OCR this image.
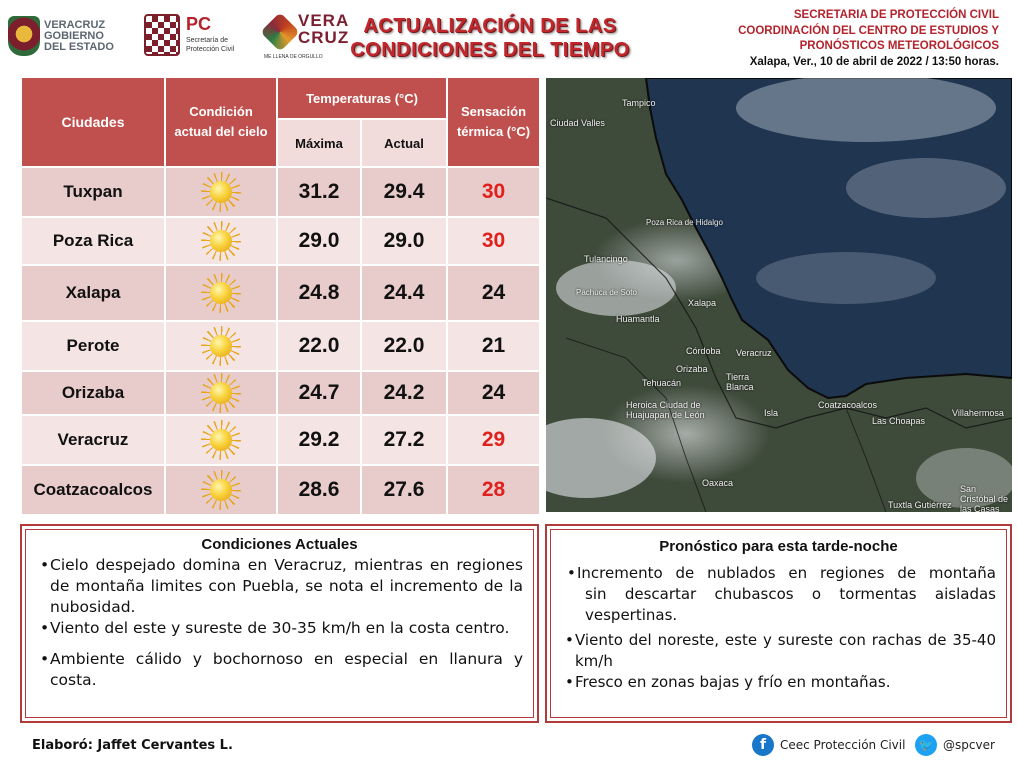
VERACRUZ
GOBIERNO
DEL ESTADO
PC
Secretaría de
Protección Civil
VERA
CRUZ
ME LLENA DE ORGULLO
ACTUALIZACIÓN DE LAS
CONDICIONES DEL TIEMPO
SECRETARIA DE PROTECCIÓN CIVIL
COORDINACIÓN DEL CENTRO DE ESTUDIOS Y
PRONÓSTICOS METEOROLÓGICOS
Xalapa, Ver., 10 de abril de 2022 / 13:50 horas.
Ciudades	Condición actual del cielo	Temperaturas (°C)		Sensación térmica (°C)
		Máxima	Actual	
Tuxpan		31.2	29.4	30
Poza Rica		29.0	29.0	30
Xalapa		24.8	24.4	24
Perote		22.0	22.0	21
Orizaba		24.7	24.2	24
Veracruz		29.2	27.2	29
Coatzacoalcos		28.6	27.6	28
Tampico
Ciudad Valles
Pachuca de Soto
Poza Rica de Hidalgo
Tulancingo
Xalapa
Huamantla
Veracruz
Córdoba
Orizaba
Tehuacán
Tierra Blanca
Heroica Ciudad de Huajuapan de León	Isla
Coatzacoalcos
Las Choapas
Villahermosa
Oaxaca
San Cristóbal de las Casas
Tuxtla Gutiérrez
Condiciones Actuales
• Cielo despejado domina en Veracruz, mientras en regiones de montaña limites con Puebla, se nota el incremento de la nubosidad.
• Viento del este y sureste de 30-35 km/h en la costa centro.
• Ambiente cálido y bochornoso en especial en llanura y costa.
Pronóstico para esta tarde-noche
• Incremento de nublados en regiones de montaña sin descartar chubascos o tormentas aisladas vespertinas.
• Viento del noreste, este y sureste con rachas de 35-40 km/h
• Fresco en zonas bajas y frío en montañas.
Elaboró: Jaffet Cervantes L.	f	Ceec Protección Civil 🐦 @spcver
